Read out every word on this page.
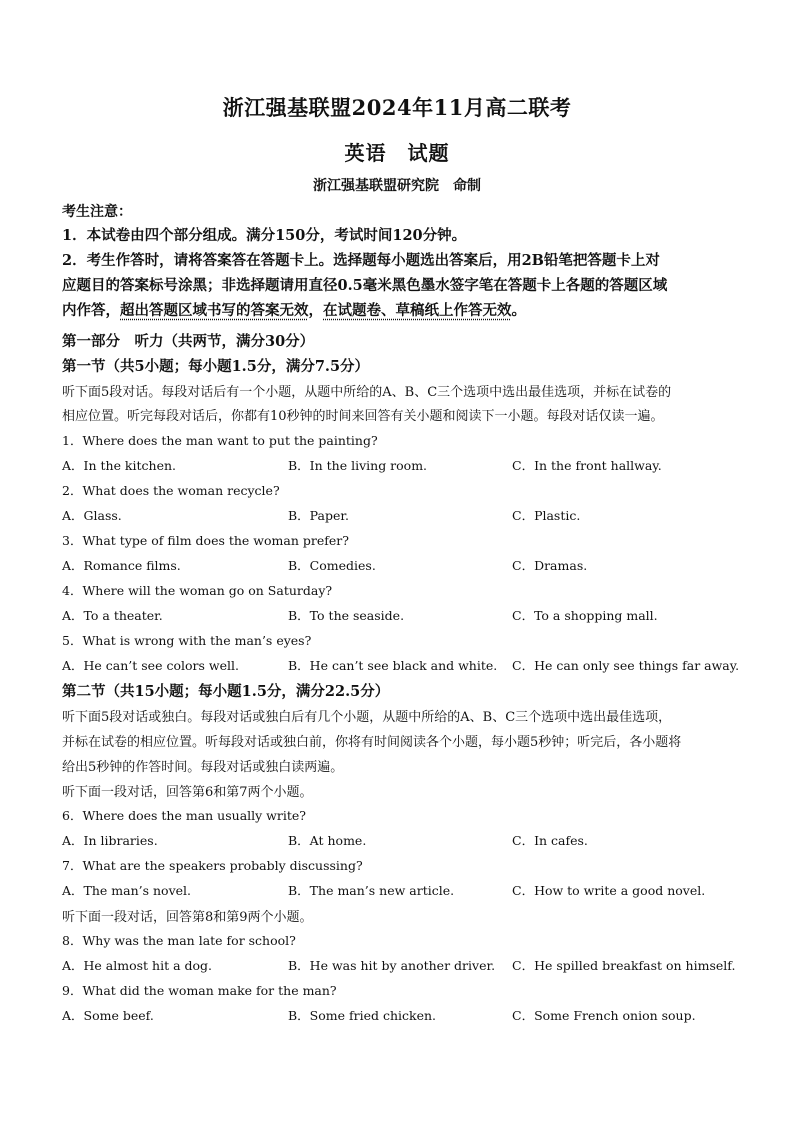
浙江强基联盟2024年11月高二联考
英语　试题
浙江强基联盟研究院　命制
考生注意：
1．本试卷由四个部分组成。满分150分，考试时间120分钟。
2．考生作答时，请将答案答在答题卡上。选择题每小题选出答案后，用2B铅笔把答题卡上对
应题目的答案标号涂黑；非选择题请用直径0.5毫米黑色墨水签字笔在答题卡上各题的答题区域
内作答，超出答题区域书写的答案无效，在试题卷、草稿纸上作答无效。
第一部分　听力（共两节，满分30分）
第一节（共5小题；每小题1.5分，满分7.5分）
听下面5段对话。每段对话后有一个小题，从题中所给的A、B、C三个选项中选出最佳选项，并标在试卷的
相应位置。听完每段对话后，你都有10秒钟的时间来回答有关小题和阅读下一小题。每段对话仅读一遍。
1．Where does the man want to put the painting?
A．In the kitchen.	B．In the living room.	C．In the front hallway.
2．What does the woman recycle?
A．Glass.	B．Paper.	C．Plastic.
3．What type of film does the woman prefer?
A．Romance films.	B．Comedies.	C．Dramas.
4．Where will the woman go on Saturday?
A．To a theater.	B．To the seaside.	C．To a shopping mall.
5．What is wrong with the man’s eyes?
A．He can’t see colors well.	B．He can’t see black and white. C．He can only see things far away.
第二节（共15小题；每小题1.5分，满分22.5分）
听下面5段对话或独白。每段对话或独白后有几个小题，从题中所给的A、B、C三个选项中选出最佳选项，
并标在试卷的相应位置。听每段对话或独白前，你将有时间阅读各个小题，每小题5秒钟；听完后，各小题将
给出5秒钟的作答时间。每段对话或独白读两遍。
听下面一段对话，回答第6和第7两个小题。
6．Where does the man usually write?
A．In libraries.	B．At home.	C．In cafes.
7．What are the speakers probably discussing?
A．The man’s novel.	B．The man’s new article.	C．How to write a good novel.
听下面一段对话，回答第8和第9两个小题。
8．Why was the man late for school?
A．He almost hit a dog.	B．He was hit by another driver. C．He spilled breakfast on himself.
9．What did the woman make for the man?
A．Some beef.	B．Some fried chicken.	C．Some French onion soup.
